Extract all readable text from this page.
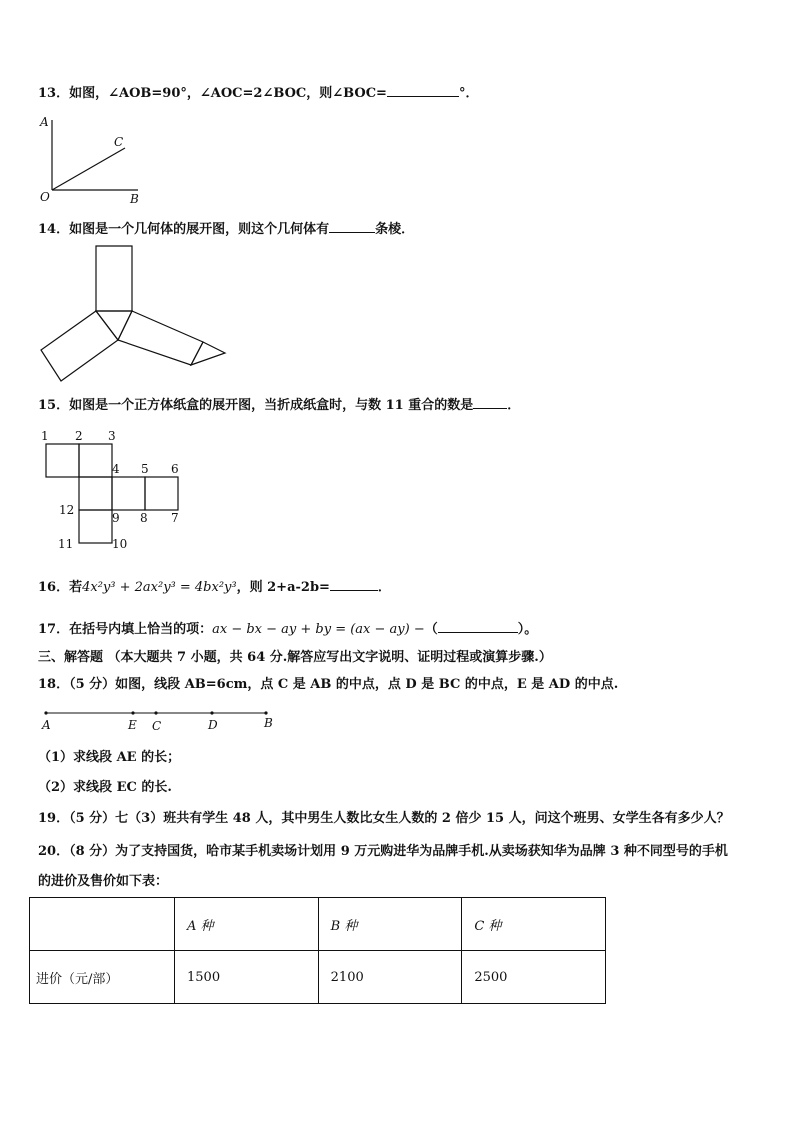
13．如图，∠AOB=90°，∠AOC=2∠BOC，则∠BOC=	°．
A
C
O	B
14．如图是一个几何体的展开图，则这个几何体有	条棱．
15．如图是一个正方体纸盒的展开图，当折成纸盒时，与数 11 重合的数是	．
1 2 3
4 5 6
7
8
9
10
11
12
16．若4x²y³ + 2ax²y³ = 4bx²y³，则 2+a-2b=	．
17．在括号内填上恰当的项：ax − bx − ay + by = (ax − ay) −（	）。
三、解答题 （本大题共 7 小题，共 64 分.解答应写出文字说明、证明过程或演算步骤.）
18．（5 分）如图，线段 AB=6cm，点 C 是 AB 的中点，点 D 是 BC 的中点，E 是 AD 的中点.
A	E C	D	B
（1）求线段 AE 的长；
（2）求线段 EC 的长.
19．（5 分）七（3）班共有学生 48 人，其中男生人数比女生人数的 2 倍少 15 人，问这个班男、女学生各有多少人？
20．（8 分）为了支持国货，哈市某手机卖场计划用 9 万元购进华为品牌手机.从卖场获知华为品牌 3 种不同型号的手机
的进价及售价如下表：
	A 种	B 种	C 种
进价（元/部）	1500	2100	2500
